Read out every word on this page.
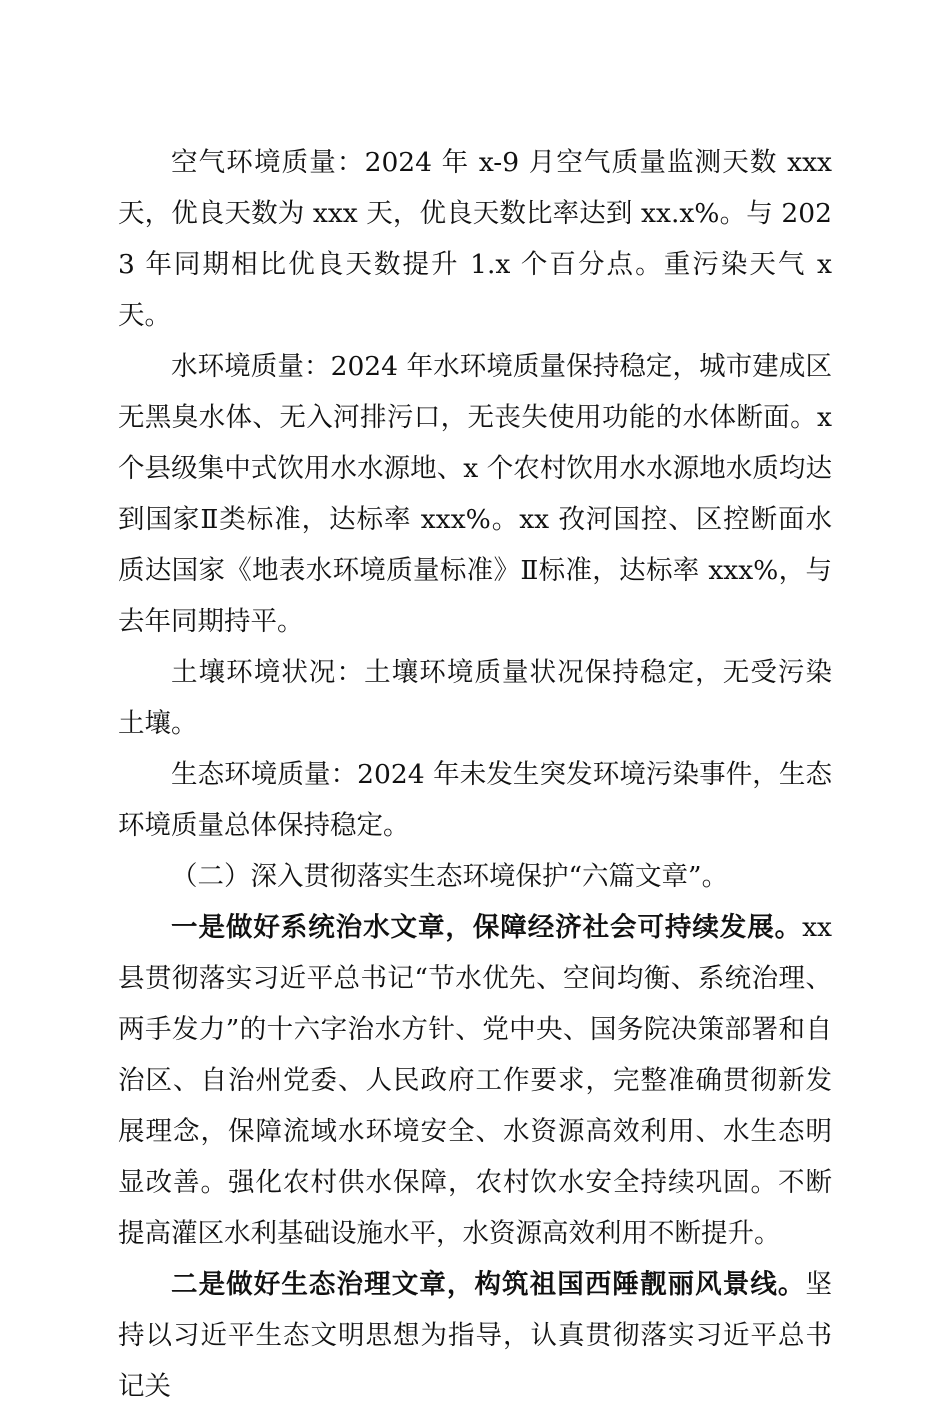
空气环境质量：2024 年 x-9 月空气质量监测天数 xxx 天，优良天数为 xxx 天，优良天数比率达到 xx.x%。与 2023 年同期相比优良天数提升 1.x 个百分点。重污染天气 x 天。

水环境质量：2024 年水环境质量保持稳定，城市建成区无黑臭水体、无入河排污口，无丧失使用功能的水体断面。x 个县级集中式饮用水水源地、x 个农村饮用水水源地水质均达到国家Ⅱ类标准，达标率 xxx%。xx 孜河国控、区控断面水质达国家《地表水环境质量标准》Ⅱ标准，达标率 xxx%，与去年同期持平。

土壤环境状况：土壤环境质量状况保持稳定，无受污染土壤。

生态环境质量：2024 年未发生突发环境污染事件，生态环境质量总体保持稳定。

（二）深入贯彻落实生态环境保护“六篇文章”。

一是做好系统治水文章，保障经济社会可持续发展。xx 县贯彻落实习近平总书记“节水优先、空间均衡、系统治理、两手发力”的十六字治水方针、党中央、国务院决策部署和自治区、自治州党委、人民政府工作要求，完整准确贯彻新发展理念，保障流域水环境安全、水资源高效利用、水生态明显改善。强化农村供水保障，农村饮水安全持续巩固。不断提高灌区水利基础设施水平，水资源高效利用不断提升。

二是做好生态治理文章，构筑祖国西陲靓丽风景线。坚持以习近平生态文明思想为指导，认真贯彻落实习近平总书记关
